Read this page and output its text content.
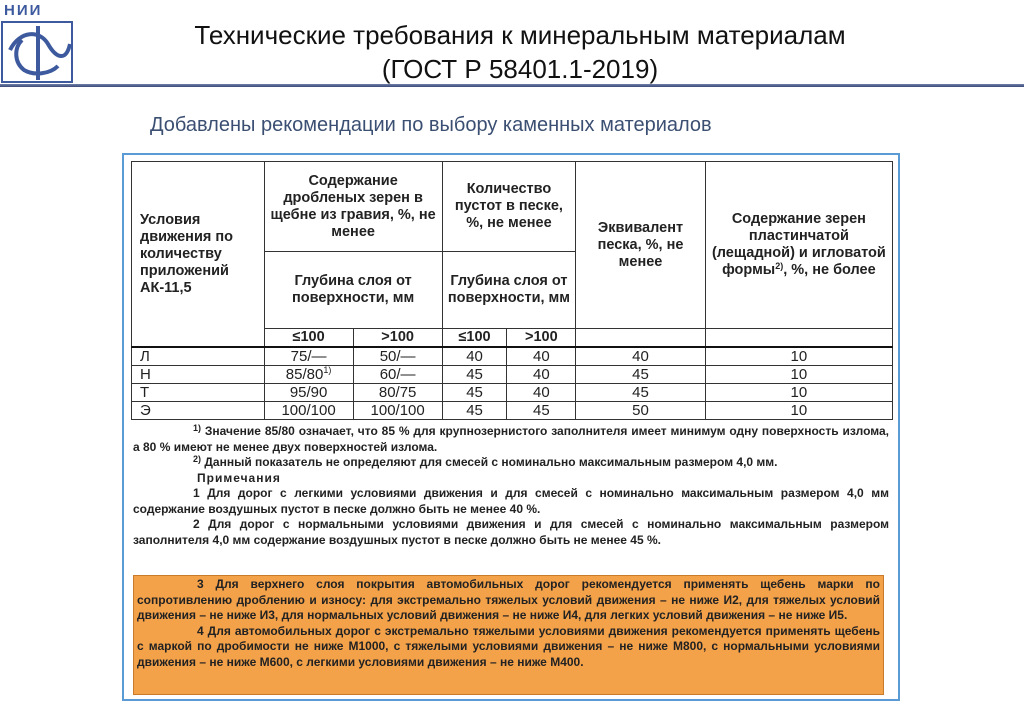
НИИ
Технические требования к минеральным материалам
(ГОСТ Р 58401.1-2019)
Добавлены рекомендации по выбору каменных материалов
Условия движения по количеству приложений АК-11,5	Содержание дробленых зерен в щебне из гравия, %, не менее		Количество пустот в песке, %, не менее		Эквивалент песка, %, не менее	Содержание зерен пластинчатой (лещадной) и игловатой формы$^{2)}$, %, не более
	Глубина слоя от поверхности, мм		Глубина слоя от поверхности, мм			
	≤100	>100	≤100	>100		
Л	75/—	50/—	40	40	40	10
Н	85/80$^{1)}$	60/—	45	40	45	10
Т	95/90	80/75	45	40	45	10
Э	100/100	100/100	45	45	50	10

$^{1)}$ Значение 85/80 означает, что 85 % для крупнозернистого заполнителя имеет минимум одну поверхность излома, а 80 % имеют не менее двух поверхностей излома.

$^{2)}$ Данный показатель не определяют для смесей с номинально максимальным размером 4,0 мм.

Примечания

1 Для дорог с легкими условиями движения и для смесей с номинально максимальным размером 4,0 мм содержание воздушных пустот в песке должно быть не менее 40 %.

2 Для дорог с нормальными условиями движения и для смесей с номинально максимальным размером заполнителя 4,0 мм содержание воздушных пустот в песке должно быть не менее 45 %.

3 Для верхнего слоя покрытия автомобильных дорог рекомендуется применять щебень марки по сопротивлению дроблению и износу: для экстремально тяжелых условий движения – не ниже И2, для тяжелых условий движения – не ниже И3, для нормальных условий движения – не ниже И4, для легких условий движения – не ниже И5.

4 Для автомобильных дорог с экстремально тяжелыми условиями движения рекомендуется применять щебень с маркой по дробимости не ниже М1000, с тяжелыми условиями движения – не ниже М800, с нормальными условиями движения – не ниже М600, с легкими условиями движения – не ниже М400.
